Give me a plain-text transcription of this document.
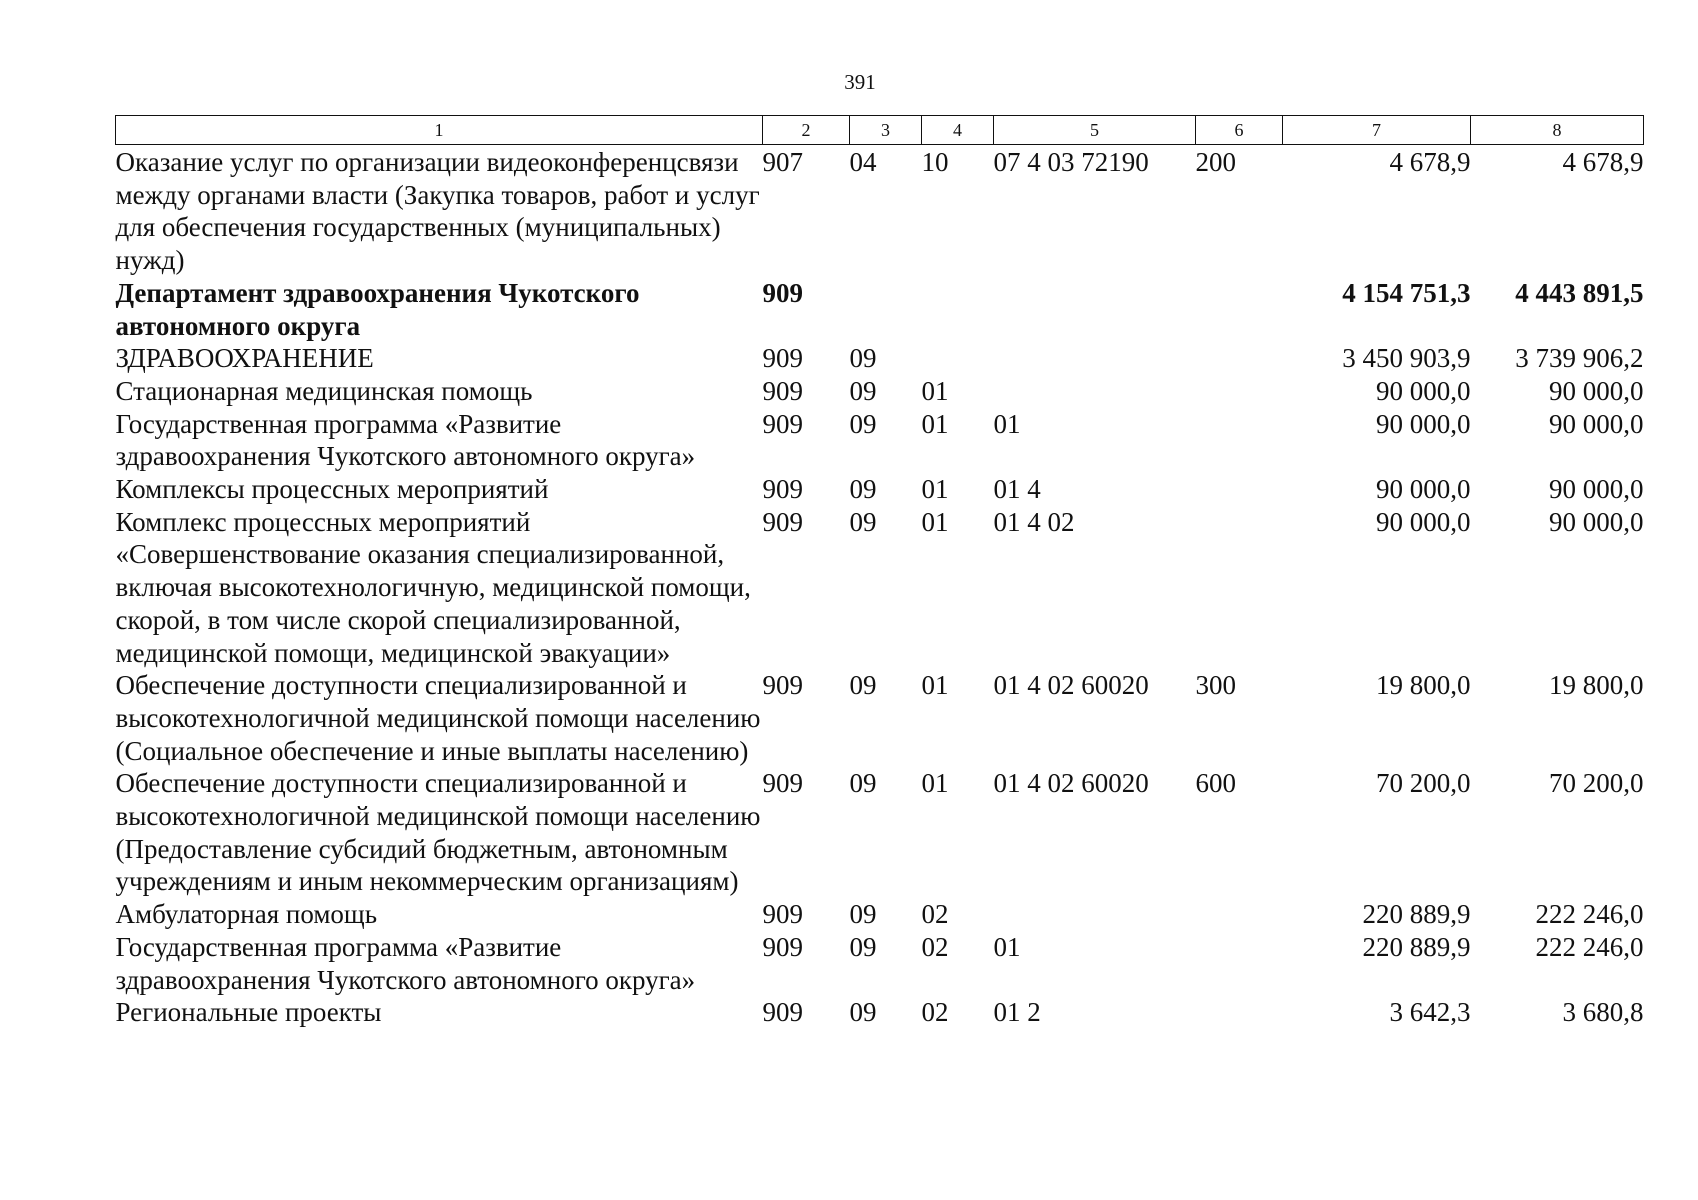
391
1	2	3	4	5	6	7	8
Оказание услуг по организации видеоконференцсвязи между органами власти (Закупка товаров, работ и услуг для обеспечения государственных (муниципальных) нужд)	907	04	10	07 4 03 72190	200	4 678,9	4 678,9
Департамент здравоохранения Чукотского автономного округа	909					4 154 751,3	4 443 891,5
ЗДРАВООХРАНЕНИЕ	909	09				3 450 903,9	3 739 906,2
Стационарная медицинская помощь	909	09	01			90 000,0	90 000,0
Государственная программа «Развитие здравоохранения Чукотского автономного округа»	909	09	01	01		90 000,0	90 000,0
Комплексы процессных мероприятий	909	09	01	01 4		90 000,0	90 000,0
Комплекс процессных мероприятий «Совершенствование оказания специализированной, включая высокотехнологичную, медицинской помощи, скорой, в том числе скорой специализированной, медицинской помощи, медицинской эвакуации»	909	09	01	01 4 02		90 000,0	90 000,0
Обеспечение доступности специализированной и высокотехнологичной медицинской помощи населению (Социальное обеспечение и иные выплаты населению)	909	09	01	01 4 02 60020	300	19 800,0	19 800,0
Обеспечение доступности специализированной и высокотехнологичной медицинской помощи населению (Предоставление субсидий бюджетным, автономным учреждениям и иным некоммерческим организациям)	909	09	01	01 4 02 60020	600	70 200,0	70 200,0
Амбулаторная помощь	909	09	02			220 889,9	222 246,0
Государственная программа «Развитие здравоохранения Чукотского автономного округа»	909	09	02	01		220 889,9	222 246,0
Региональные проекты	909	09	02	01 2		3 642,3	3 680,8
